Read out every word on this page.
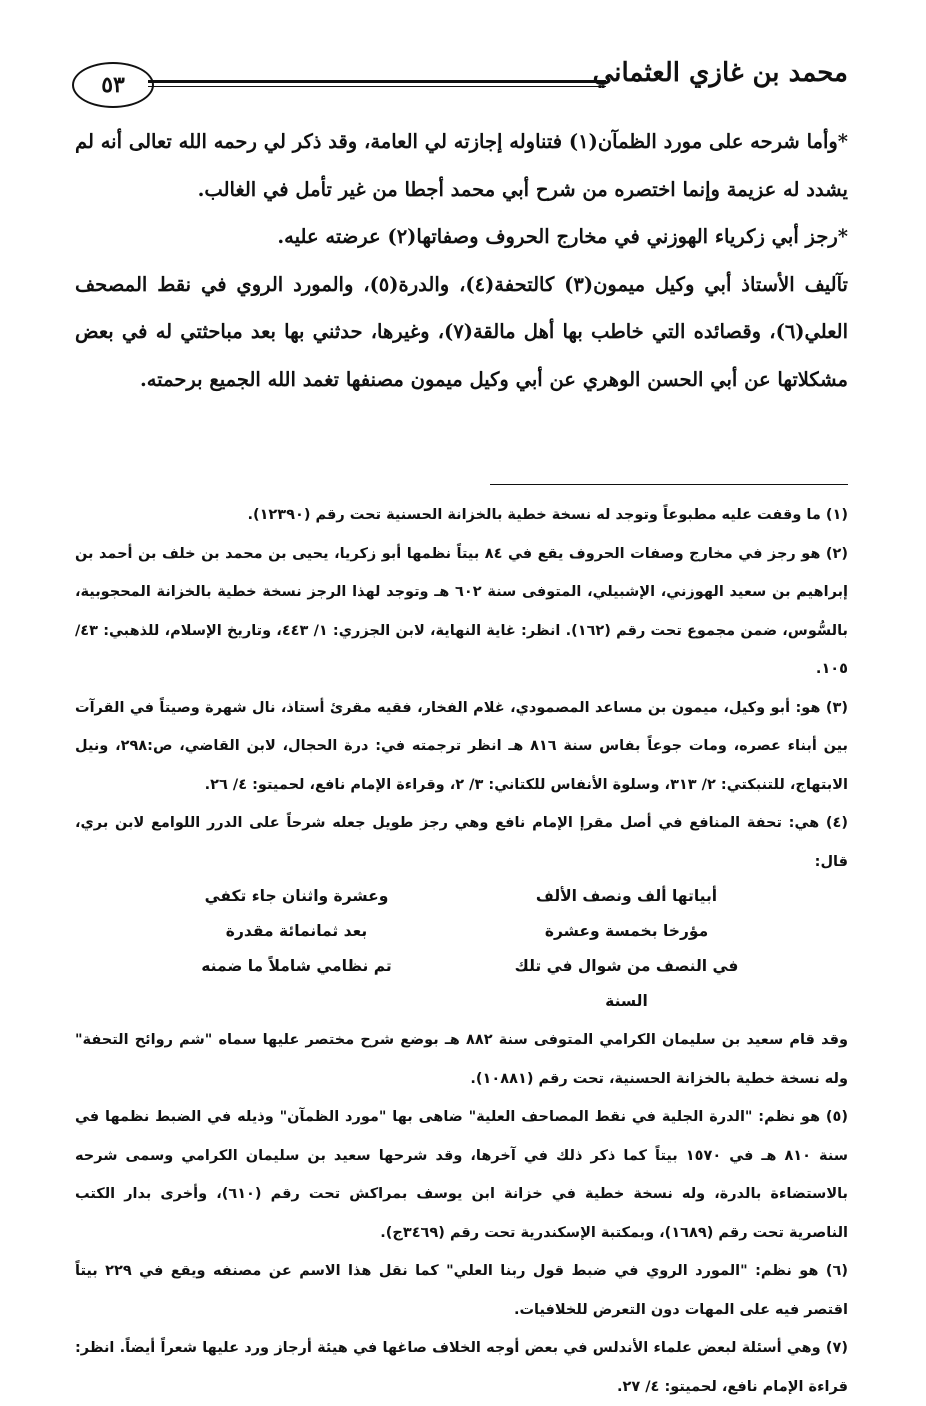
محمد بن غازي العثماني
٥٣

*وأما شرحه على مورد الظمآن(١) فتناوله إجازته لي العامة، وقد ذكر لي رحمه الله تعالى أنه لم يشدد له عزيمة وإنما اختصره من شرح أبي محمد أجطا من غير تأمل في الغالب.

*رجز أبي زكرياء الهوزني في مخارج الحروف وصفاتها(٢) عرضته عليه.

تآليف الأستاذ أبي وكيل ميمون(٣) كالتحفة(٤)، والدرة(٥)، والمورد الروي في نقط المصحف العلي(٦)، وقصائده التي خاطب بها أهل مالقة(٧)، وغيرها، حدثني بها بعد مباحثتي له في بعض مشكلاتها عن أبي الحسن الوهري عن أبي وكيل ميمون مصنفها تغمد الله الجميع برحمته.

(١) ما وقفت عليه مطبوعاً وتوجد له نسخة خطية بالخزانة الحسنية تحت رقم (١٢٣٩٠).

(٢) هو رجز في مخارج وصفات الحروف يقع في ٨٤ بيتاً نظمها أبو زكريا، يحيى بن محمد بن خلف بن أحمد بن إبراهيم بن سعيد الهوزني، الإشبيلي، المتوفى سنة ٦٠٢ هـ وتوجد لهذا الرجز نسخة خطية بالخزانة المحجوبية، بالسُّوس، ضمن مجموع تحت رقم (١٦٢). انظر: غاية النهاية، لابن الجزري: ١/ ٤٤٣، وتاريخ الإسلام، للذهبي: ٤٣/ ١٠٥.

(٣) هو: أبو وكيل، ميمون بن مساعد المصمودي، غلام الفخار، فقيه مقرئ أستاذ، نال شهرة وصيتاً في القرآت بين أبناء عصره، ومات جوعاً بفاس سنة ٨١٦ هـ انظر ترجمته في: درة الحجال، لابن القاضي، ص:٢٩٨، ونيل الابتهاج، للتنبكتي: ٢/ ٣١٣، وسلوة الأنفاس للكتاني: ٣/ ٢، وقراءة الإمام نافع، لحميتو: ٤/ ٢٦.

(٤) هي: تحفة المنافع في أصل مقرإ الإمام نافع وهي رجز طويل جعله شرحاً على الدرر اللوامع لابن بري، قال:

أبياتها ألف ونصف الألف
وعشرة واثنان جاء تكفي
مؤرخا بخمسة وعشرة
بعد ثمانمائة مقدرة
في النصف من شوال في تلك السنة
تم نظامي شاملاً ما ضمنه

وقد قام سعيد بن سليمان الكرامي المتوفى سنة ٨٨٢ هـ بوضع شرح مختصر عليها سماه "شم روائح التحفة" وله نسخة خطية بالخزانة الحسنية، تحت رقم (١٠٨٨١).

(٥) هو نظم: "الدرة الجلية في نقط المصاحف العلية" ضاهى بها "مورد الظمآن" وذيله في الضبط نظمها في سنة ٨١٠ هـ في ١٥٧٠ بيتاً كما ذكر ذلك في آخرها، وقد شرحها سعيد بن سليمان الكرامي وسمى شرحه بالاستضاءة بالدرة، وله نسخة خطية في خزانة ابن يوسف بمراكش تحت رقم (٦١٠)، وأخرى بدار الكتب الناصرية تحت رقم (١٦٨٩)، وبمكتبة الإسكندرية تحت رقم (٣٤٦٩ج).

(٦) هو نظم: "المورد الروي في ضبط قول ربنا العلي" كما نقل هذا الاسم عن مصنفه ويقع في ٢٢٩ بيتاً اقتصر فيه على المهات دون التعرض للخلافيات.

(٧) وهي أسئلة لبعض علماء الأندلس في بعض أوجه الخلاف صاغها في هيئة أرجاز ورد عليها شعراً أيضاً. انظر: قراءة الإمام نافع، لحميتو: ٤/ ٢٧.
